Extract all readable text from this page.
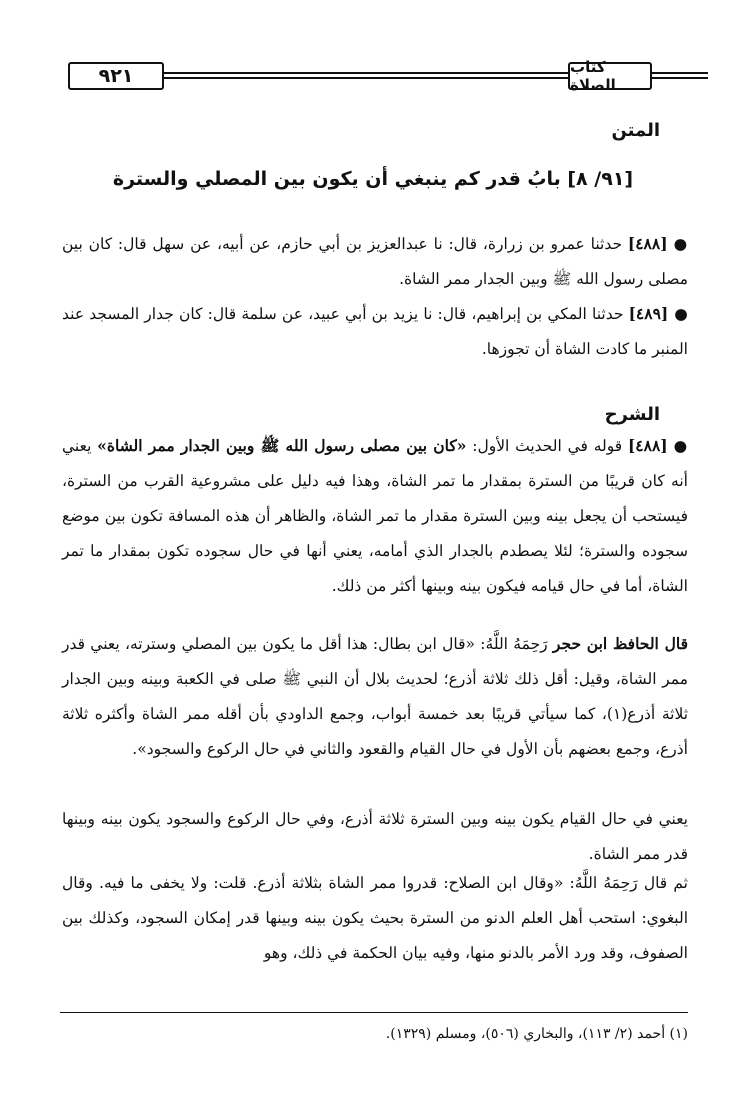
٩٢١	كتاب الصلاة
المتن
[٩١/ ٨] بابُ قدر كم ينبغي أن يكون بين المصلي والسترة
●[٤٨٨] حدثنا عمرو بن زرارة، قال: نا عبدالعزيز بن أبي حازم، عن أبيه، عن سهل قال: كان بين مصلى رسول الله ﷺ وبين الجدار ممر الشاة.
●[٤٨٩] حدثنا المكي بن إبراهيم، قال: نا يزيد بن أبي عبيد، عن سلمة قال: كان جدار المسجد عند المنبر ما كادت الشاة أن تجوزها.
الشرح
●[٤٨٨] قوله في الحديث الأول: «كان بين مصلى رسول الله ﷺ وبين الجدار ممر الشاة» يعني أنه كان قريبًا من السترة بمقدار ما تمر الشاة، وهذا فيه دليل على مشروعية القرب من السترة، فيستحب أن يجعل بينه وبين السترة مقدار ما تمر الشاة، والظاهر أن هذه المسافة تكون بين موضع سجوده والسترة؛ لئلا يصطدم بالجدار الذي أمامه، يعني أنها في حال سجوده تكون بمقدار ما تمر الشاة، أما في حال قيامه فيكون بينه وبينها أكثر من ذلك.
قال الحافظ ابن حجر رَحِمَهُ اللَّهُ: «قال ابن بطال: هذا أقل ما يكون بين المصلي وسترته، يعني قدر ممر الشاة، وقيل: أقل ذلك ثلاثة أذرع؛ لحديث بلال أن النبي ﷺ صلى في الكعبة وبينه وبين الجدار ثلاثة أذرع(١)، كما سيأتي قريبًا بعد خمسة أبواب، وجمع الداودي بأن أقله ممر الشاة وأكثره ثلاثة أذرع، وجمع بعضهم بأن الأول في حال القيام والقعود والثاني في حال الركوع والسجود».
يعني في حال القيام يكون بينه وبين السترة ثلاثة أذرع، وفي حال الركوع والسجود يكون بينه وبينها قدر ممر الشاة.
ثم قال رَحِمَهُ اللَّهُ: «وقال ابن الصلاح: قدروا ممر الشاة بثلاثة أذرع. قلت: ولا يخفى ما فيه. وقال البغوي: استحب أهل العلم الدنو من السترة بحيث يكون بينه وبينها قدر إمكان السجود، وكذلك بين الصفوف، وقد ورد الأمر بالدنو منها، وفيه بيان الحكمة في ذلك، وهو
(١) أحمد (٢/ ١١٣)، والبخاري (٥٠٦)، ومسلم (١٣٢٩).
